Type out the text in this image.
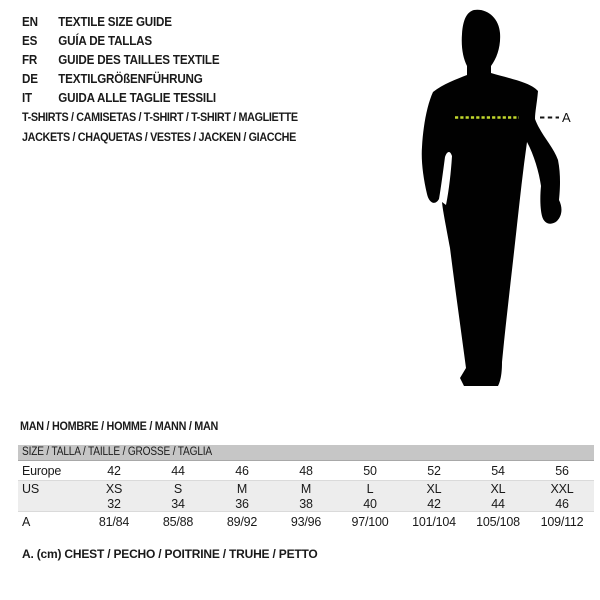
A
EN	TEXTILE SIZE GUIDE
ES	GUÍA DE TALLAS
FR	GUIDE DES TAILLES TEXTILE
DE	TEXTILGRÖßENFÜHRUNG
IT	GUIDA ALLE TAGLIE TESSILI
T-SHIRTS / CAMISETAS / T-SHIRT / T-SHIRT / MAGLIETTE
JACKETS / CHAQUETAS / VESTES / JACKEN / GIACCHE
MAN / HOMBRE / HOMME / MANN / MAN
SIZE / TALLA / TAILLE / GRÖSSE / TAGLIA
Europe	42	44	46	48	50	52	54	56
US	XS	S	M	M	L	XL	XL	XXL
32	34	36	38	40	42	44	46
A	81/84	85/88	89/92	93/96	97/100	101/104	105/108	109/112
A. (cm) CHEST / PECHO / POITRINE / TRUHE / PETTO
